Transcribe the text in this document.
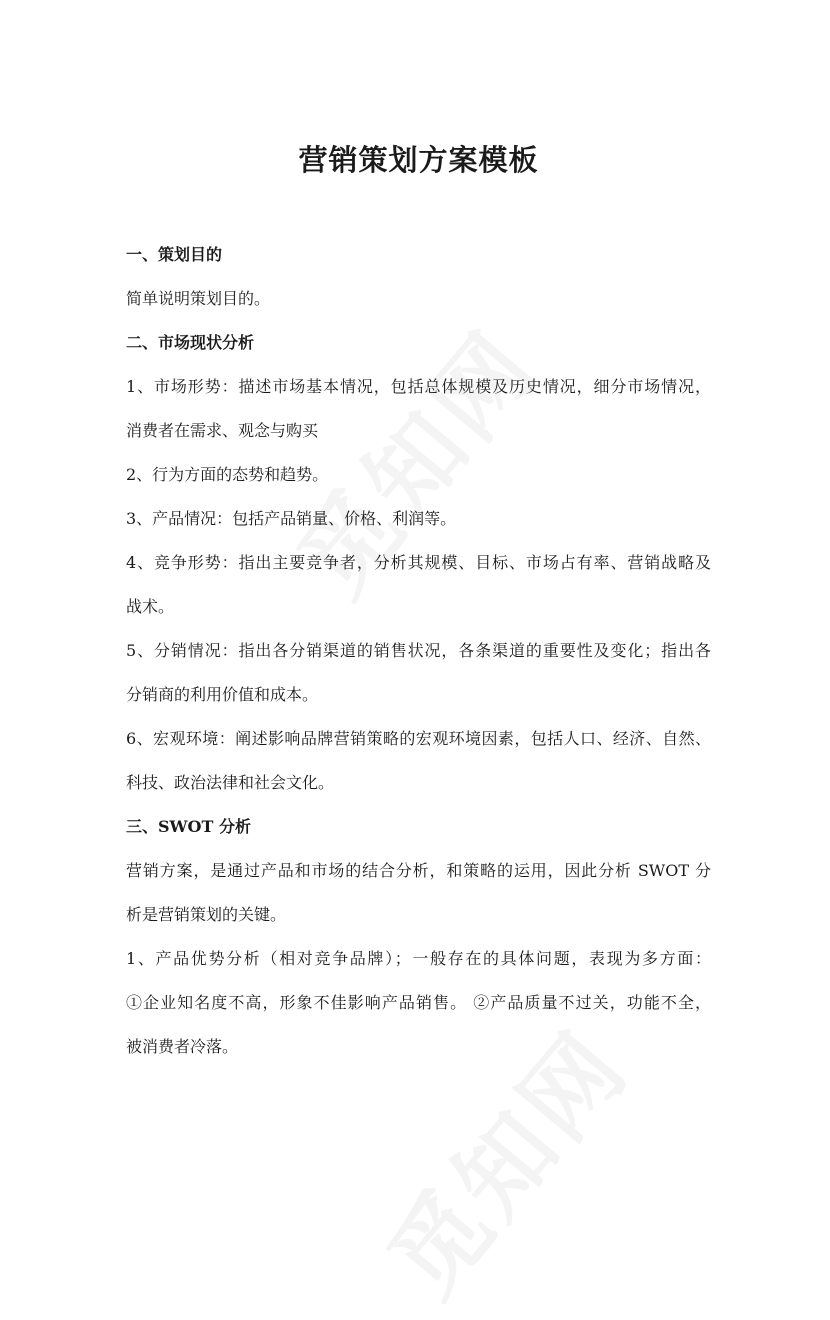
营销策划方案模板
一、策划目的
简单说明策划目的。
二、市场现状分析
1、市场形势：描述市场基本情况，包括总体规模及历史情况，细分市场情况，
消费者在需求、观念与购买
2、行为方面的态势和趋势。
3、产品情况：包括产品销量、价格、利润等。
4、竞争形势：指出主要竞争者，分析其规模、目标、市场占有率、营销战略及
战术。
5、分销情况：指出各分销渠道的销售状况，各条渠道的重要性及变化；指出各
分销商的利用价值和成本。
6、宏观环境：阐述影响品牌营销策略的宏观环境因素，包括人口、经济、自然、
科技、政治法律和社会文化。
三、SWOT 分析
营销方案，是通过产品和市场的结合分析，和策略的运用，因此分析 SWOT 分
析是营销策划的关键。
1、产品优势分析（相对竞争品牌）；一般存在的具体问题，表现为多方面：
①企业知名度不高，形象不佳影响产品销售。 ②产品质量不过关，功能不全，
被消费者冷落。
